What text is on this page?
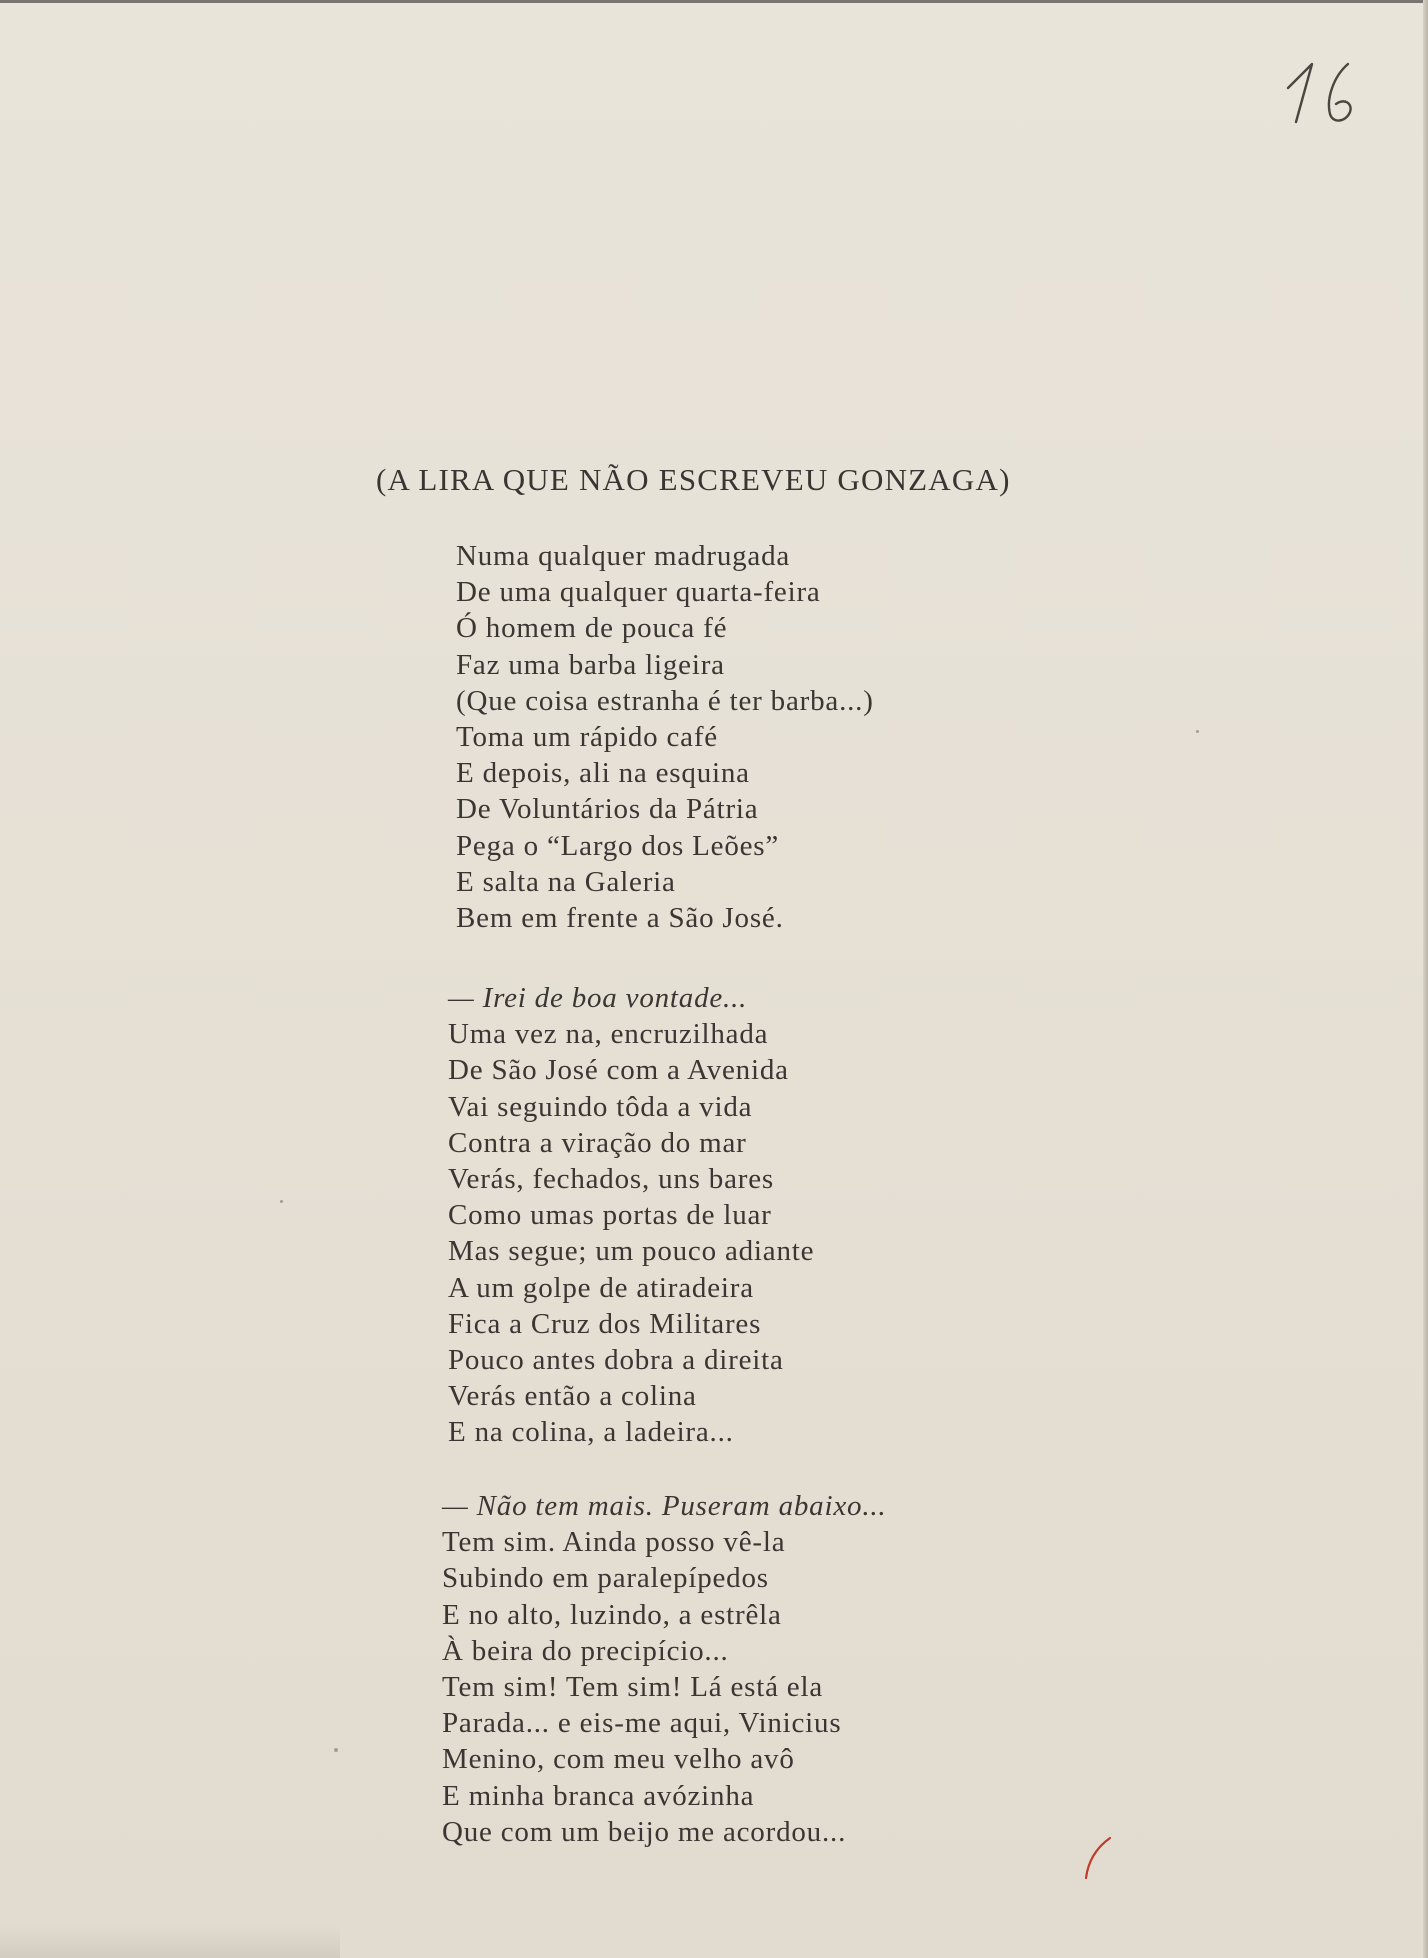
(A LIRA QUE NÃO ESCREVEU GONZAGA)
Numa qualquer madrugada
De uma qualquer quarta-feira
Ó homem de pouca fé
Faz uma barba ligeira
(Que coisa estranha é ter barba...)
Toma um rápido café
E depois, ali na esquina
De Voluntários da Pátria
Pega o “Largo dos Leões”
E salta na Galeria
Bem em frente a São José.
— Irei de boa vontade...
Uma vez na, encruzilhada
De São José com a Avenida
Vai seguindo tôda a vida
Contra a viração do mar
Verás, fechados, uns bares
Como umas portas de luar
Mas segue; um pouco adiante
A um golpe de atiradeira
Fica a Cruz dos Militares
Pouco antes dobra a direita
Verás então a colina
E na colina, a ladeira...
— Não tem mais. Puseram abaixo...
Tem sim. Ainda posso vê-la
Subindo em paralepípedos
E no alto, luzindo, a estrêla
À beira do precipício...
Tem sim! Tem sim! Lá está ela
Parada... e eis-me aqui, Vinicius
Menino, com meu velho avô
E minha branca avózinha
Que com um beijo me acordou...
